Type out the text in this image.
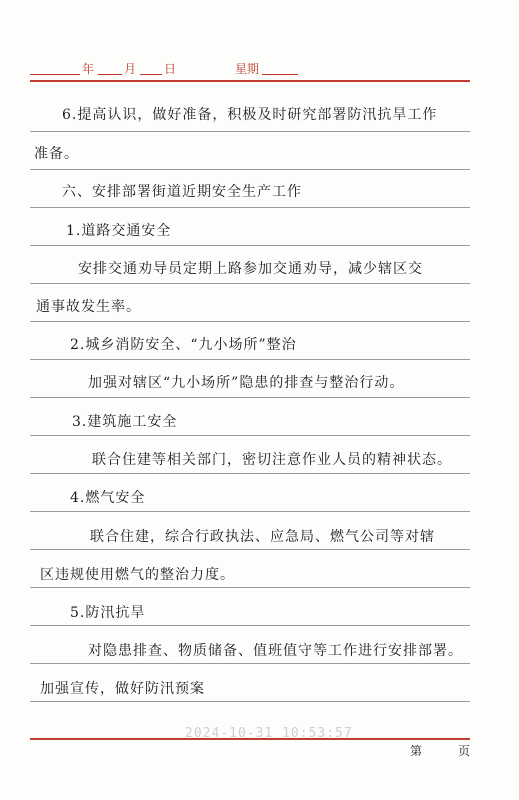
年 月 日	星期
6.提高认识，做好准备，积极及时研究部署防汛抗旱工作
准备。
六、安排部署街道近期安全生产工作
1.道路交通安全
安排交通劝导员定期上路参加交通劝导，减少辖区交
通事故发生率。
2.城乡消防安全、“九小场所”整治
加强对辖区“九小场所”隐患的排查与整治行动。
3.建筑施工安全
联合住建等相关部门，密切注意作业人员的精神状态。
4.燃气安全
联合住建，综合行政执法、应急局、燃气公司等对辖
区违规使用燃气的整治力度。
5.防汛抗旱
对隐患排查、物质储备、值班值守等工作进行安排部署。
加强宣传，做好防汛预案
2024-10-31 10:53:57
第	页
